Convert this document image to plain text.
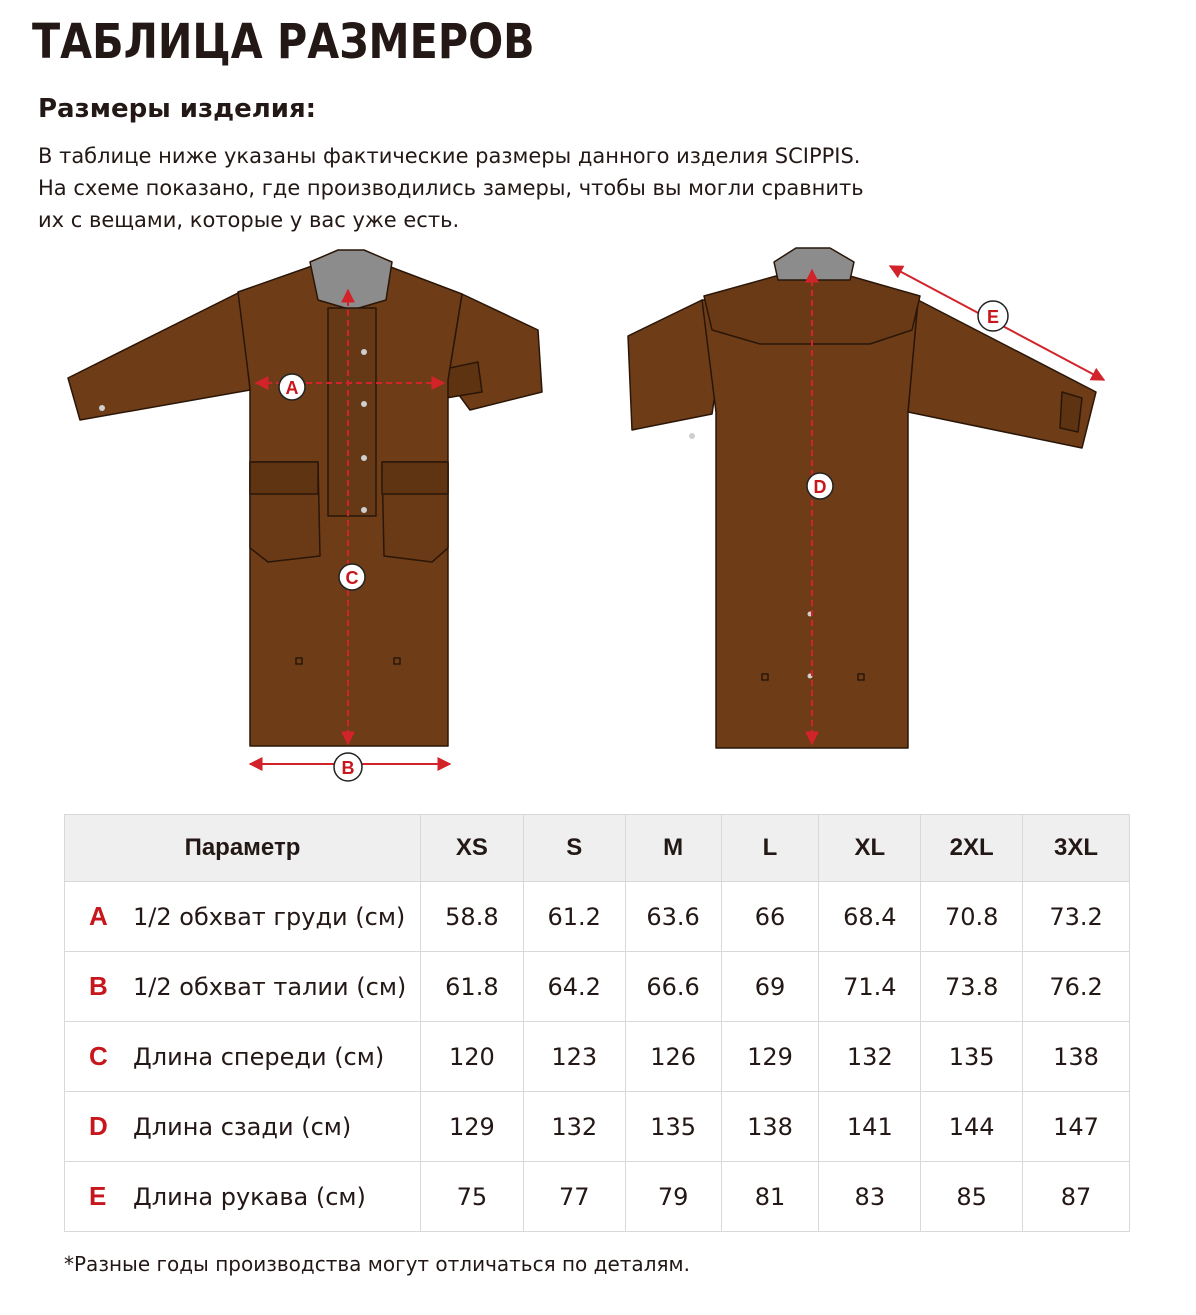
ТАБЛИЦА РАЗМЕРОВ
Размеры изделия:
В таблице ниже указаны фактические размеры данного изделия SCIPPIS.
На схеме показано, где производились замеры, чтобы вы могли сравнить
их с вещами, которые у вас уже есть.
A
B
C
D
E
Параметр	XS	S	M	L	XL	2XL	3XL

A 1/2 обхват груди (см)	58.8	61.2	63.6	66	68.4	70.8	73.2

B 1/2 обхват талии (см)	61.8	64.2	66.6	69	71.4	73.8	76.2

C Длина спереди (см)	120	123	126	129	132	135	138

D Длина сзади (см)	129	132	135	138	141	144	147

E Длина рукава (см)	75	77	79	81	83	85	87
*Разные годы производства могут отличаться по деталям.
